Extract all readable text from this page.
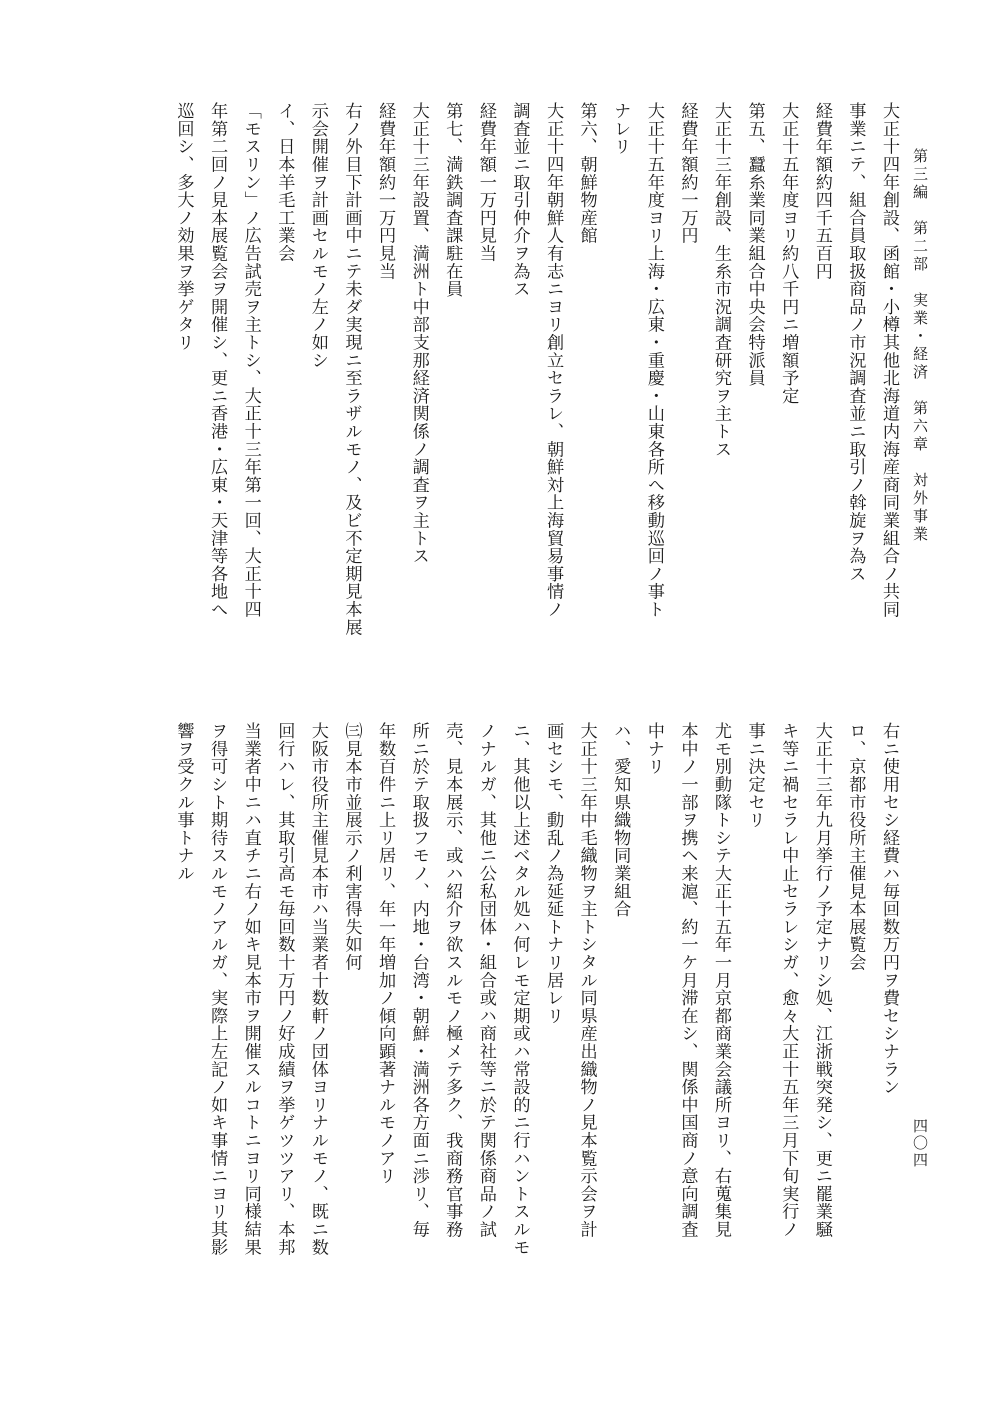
第三編　第二部　実業・経済　第六章　対外事業
四〇四

大正十四年創設、函館・小樽其他北海道内海産商同業組合ノ共同

事業ニテ、組合員取扱商品ノ市況調査並ニ取引ノ斡旋ヲ為ス

経費年額約四千五百円

大正十五年度ヨリ約八千円ニ増額予定

第五、蠶糸業同業組合中央会特派員

大正十三年創設、生糸市況調査研究ヲ主トス

経費年額約一万円

大正十五年度ヨリ上海・広東・重慶・山東各所へ移動巡回ノ事ト

ナレリ

第六、朝鮮物産館

大正十四年朝鮮人有志ニヨリ創立セラレ、朝鮮対上海貿易事情ノ

調査並ニ取引仲介ヲ為ス

経費年額一万円見当

第七、満鉄調査課駐在員

大正十三年設置、満洲ト中部支那経済関係ノ調査ヲ主トス

経費年額約一万円見当

右ノ外目下計画中ニテ未ダ実現ニ至ラザルモノ、及ビ不定期見本展

示会開催ヲ計画セルモノ左ノ如シ

イ、日本羊毛工業会

「モスリン」ノ広告試売ヲ主トシ、大正十三年第一回、大正十四

年第二回ノ見本展覧会ヲ開催シ、更ニ香港・広東・天津等各地へ

巡回シ、多大ノ効果ヲ挙ゲタリ

右ニ使用セシ経費ハ毎回数万円ヲ費セシナラン

ロ、京都市役所主催見本展覧会

大正十三年九月挙行ノ予定ナリシ処、江浙戦突発シ、更ニ罷業騒

キ等ニ禍セラレ中止セラレシガ、愈々大正十五年三月下旬実行ノ

事ニ決定セリ

尤モ別動隊トシテ大正十五年一月京都商業会議所ヨリ、右蒐集見

本中ノ一部ヲ携ヘ来滬、約一ケ月滞在シ、関係中国商ノ意向調査

中ナリ

ハ、愛知県織物同業組合

大正十三年中毛織物ヲ主トシタル同県産出織物ノ見本覧示会ヲ計

画セシモ、動乱ノ為延延トナリ居レリ

ニ、其他以上述ベタル処ハ何レモ定期或ハ常設的ニ行ハントスルモ

ノナルガ、其他ニ公私団体・組合或ハ商社等ニ於テ関係商品ノ試

売、見本展示、或ハ紹介ヲ欲スルモノ極メテ多ク、我商務官事務

所ニ於テ取扱フモノ、内地・台湾・朝鮮・満洲各方面ニ渉リ、毎

年数百件ニ上リ居リ、年一年増加ノ傾向顕著ナルモノアリ

㈢見本市並展示ノ利害得失如何

大阪市役所主催見本市ハ当業者十数軒ノ団体ヨリナルモノ、既ニ数

回行ハレ、其取引高モ毎回数十万円ノ好成績ヲ挙ゲツツアリ、本邦

当業者中ニハ直チニ右ノ如キ見本市ヲ開催スルコトニヨリ同様結果

ヲ得可シト期待スルモノアルガ、実際上左記ノ如キ事情ニヨリ其影

響ヲ受クル事トナル
